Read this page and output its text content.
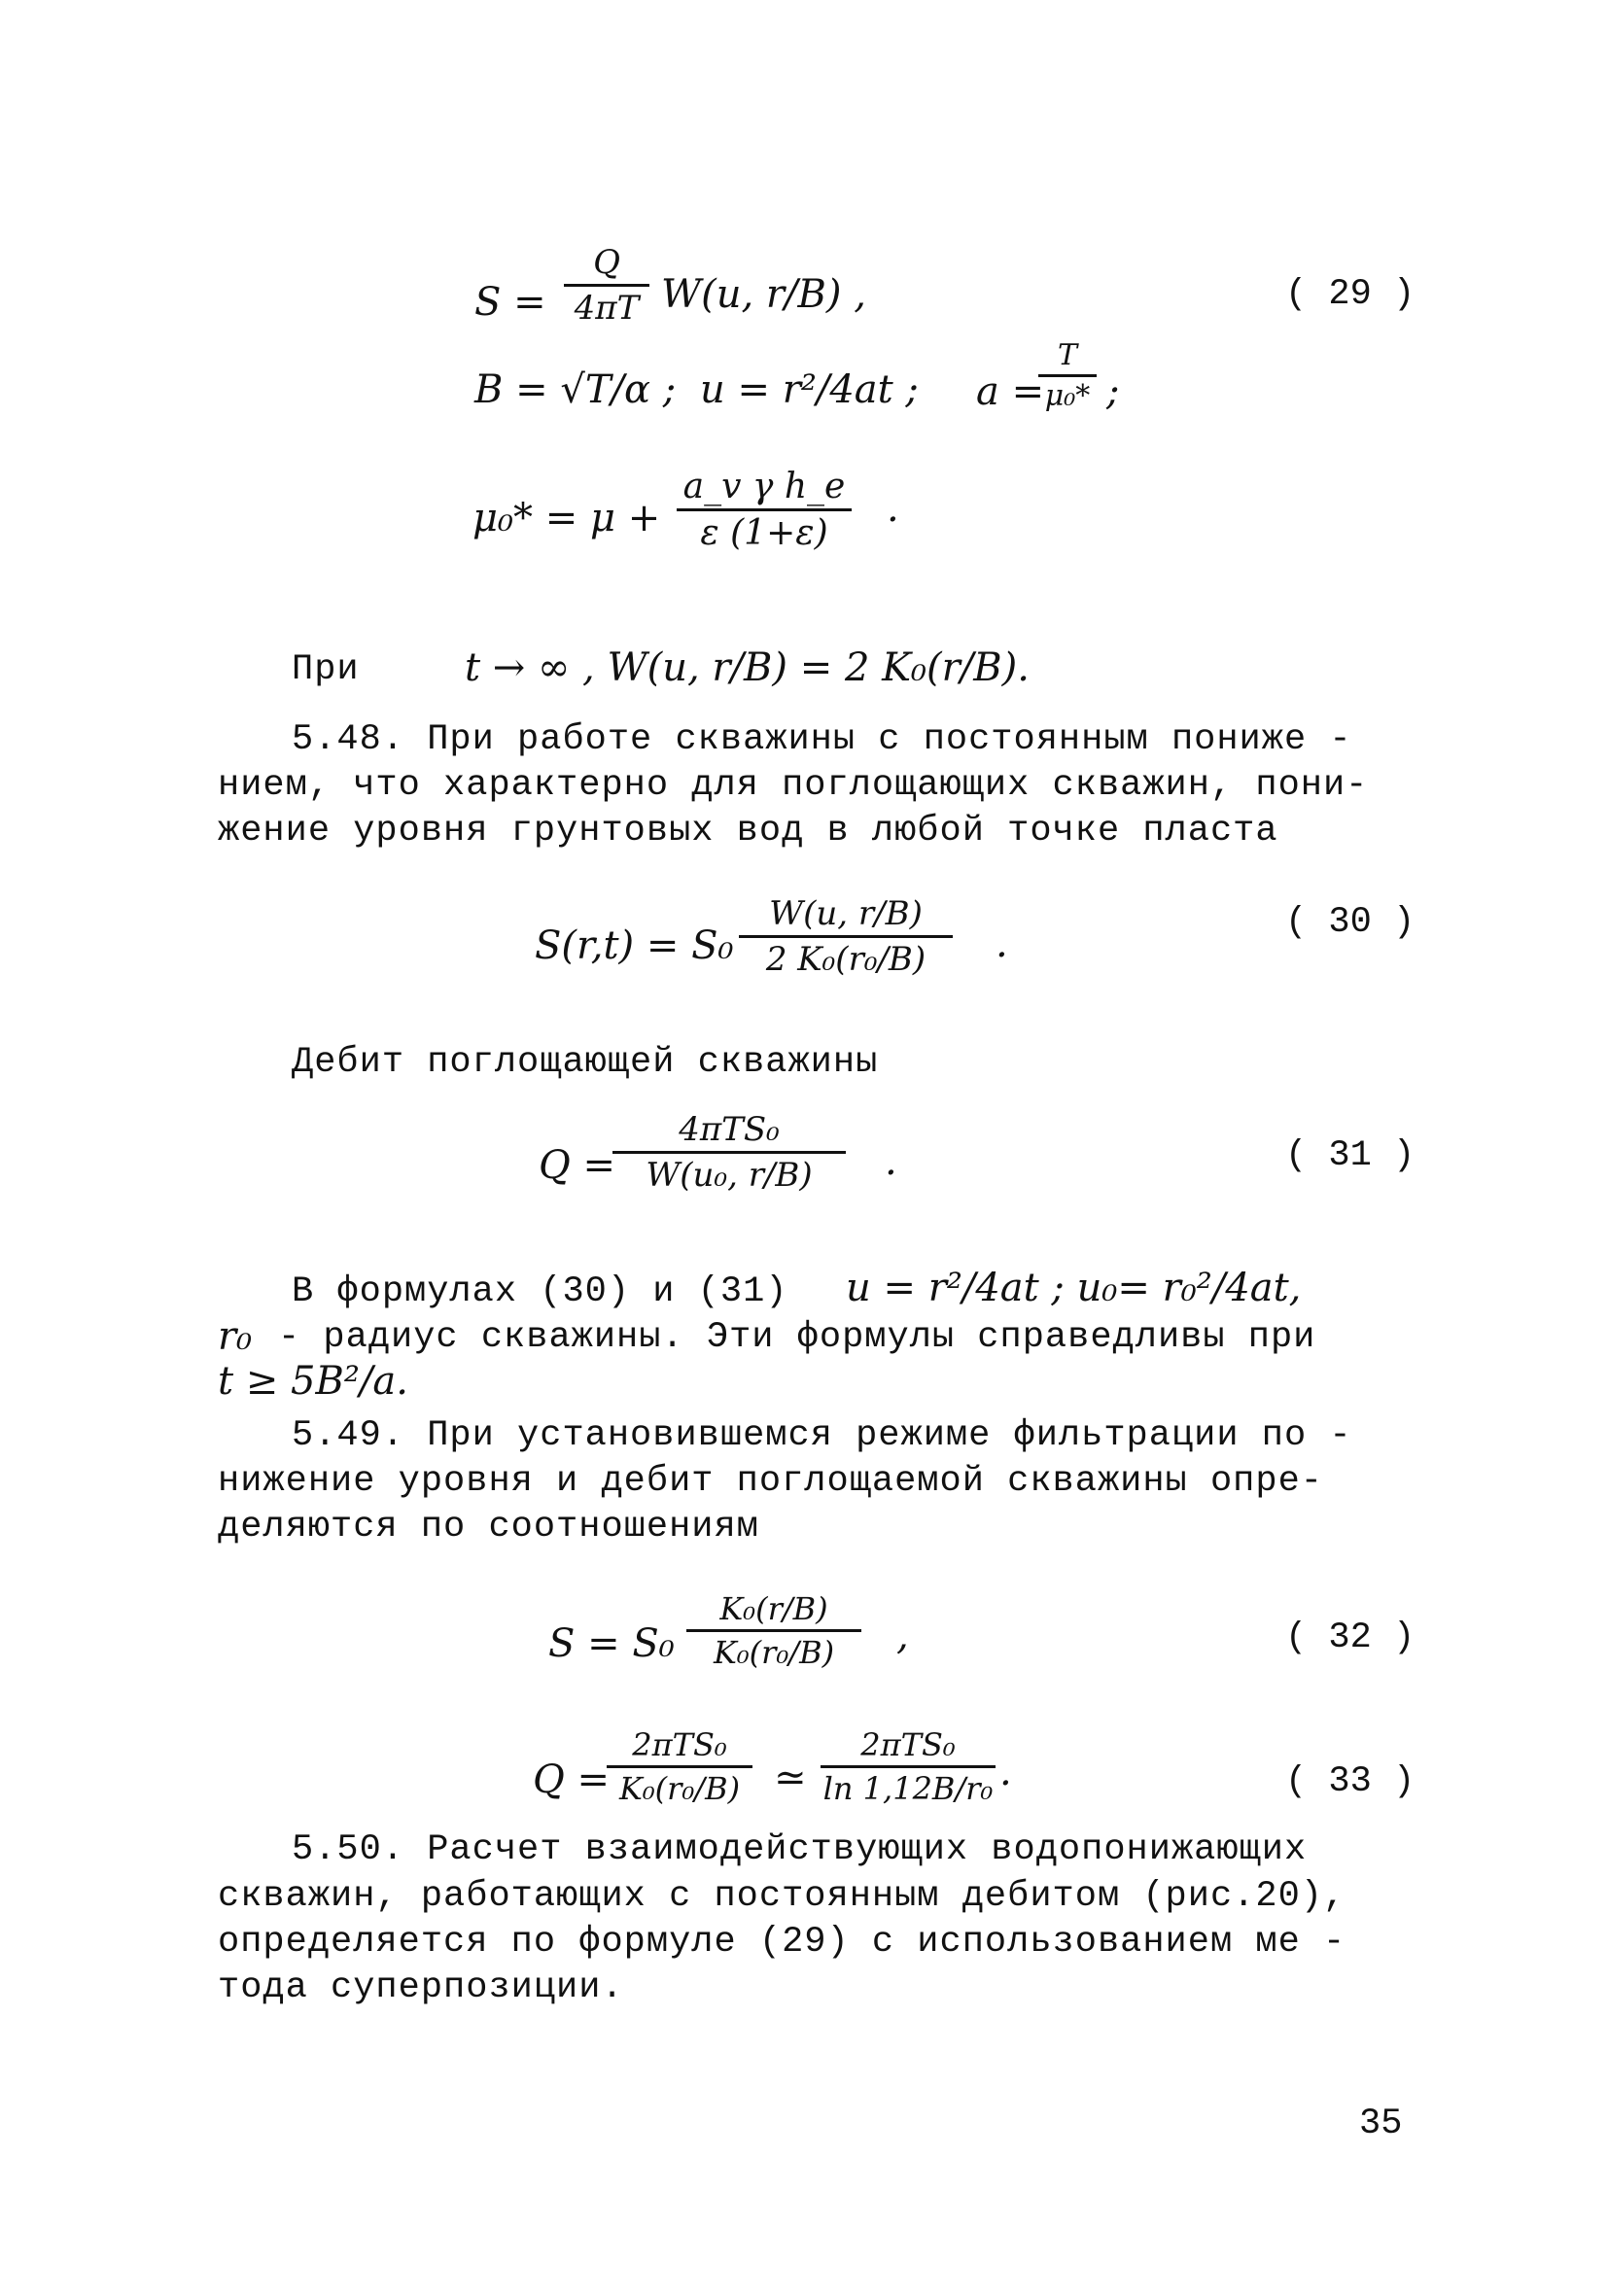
S =
Q
4πT W(u, r/B) ,	( 29 )
B = √T/α ; u = r²/4at ; a =
T
μ₀* ;
μ₀* = μ +
a_v γ h_e
ε (1+ε)
.
При	t → ∞ , W(u, r/B) = 2 K₀(r/B).
5.48. При работе скважины с постоянным пониже -
нием, что характерно для поглощающих скважин, пони-
жение уровня грунтовых вод в любой точке пласта
S(r,t) = S₀
W(u, r/B)
2 K₀(r₀/B)	.	( 30 )
Дебит поглощающей скважины
Q =
4πTS₀
W(u₀, r/B)	.	( 31 )
В формулах (30) и (31) u = r²/4at ; u₀= r₀²/4at,
r₀ - радиус скважины. Эти формулы справедливы при
t ≥ 5B²/a.
5.49. При установившемся режиме фильтрации по -
нижение уровня и дебит поглощаемой скважины опре-
деляются по соотношениям
S = S₀
K₀(r/B)
K₀(r₀/B)	,	( 32 )
Q =
2πTS₀
K₀(r₀/B) ≃
2πTS₀
ln 1,12B/r₀ .	( 33 )
5.50. Расчет взаимодействующих водопонижающих
скважин, работающих с постоянным дебитом (рис.20),
определяется по формуле (29) с использованием ме -
тода суперпозиции.
35
